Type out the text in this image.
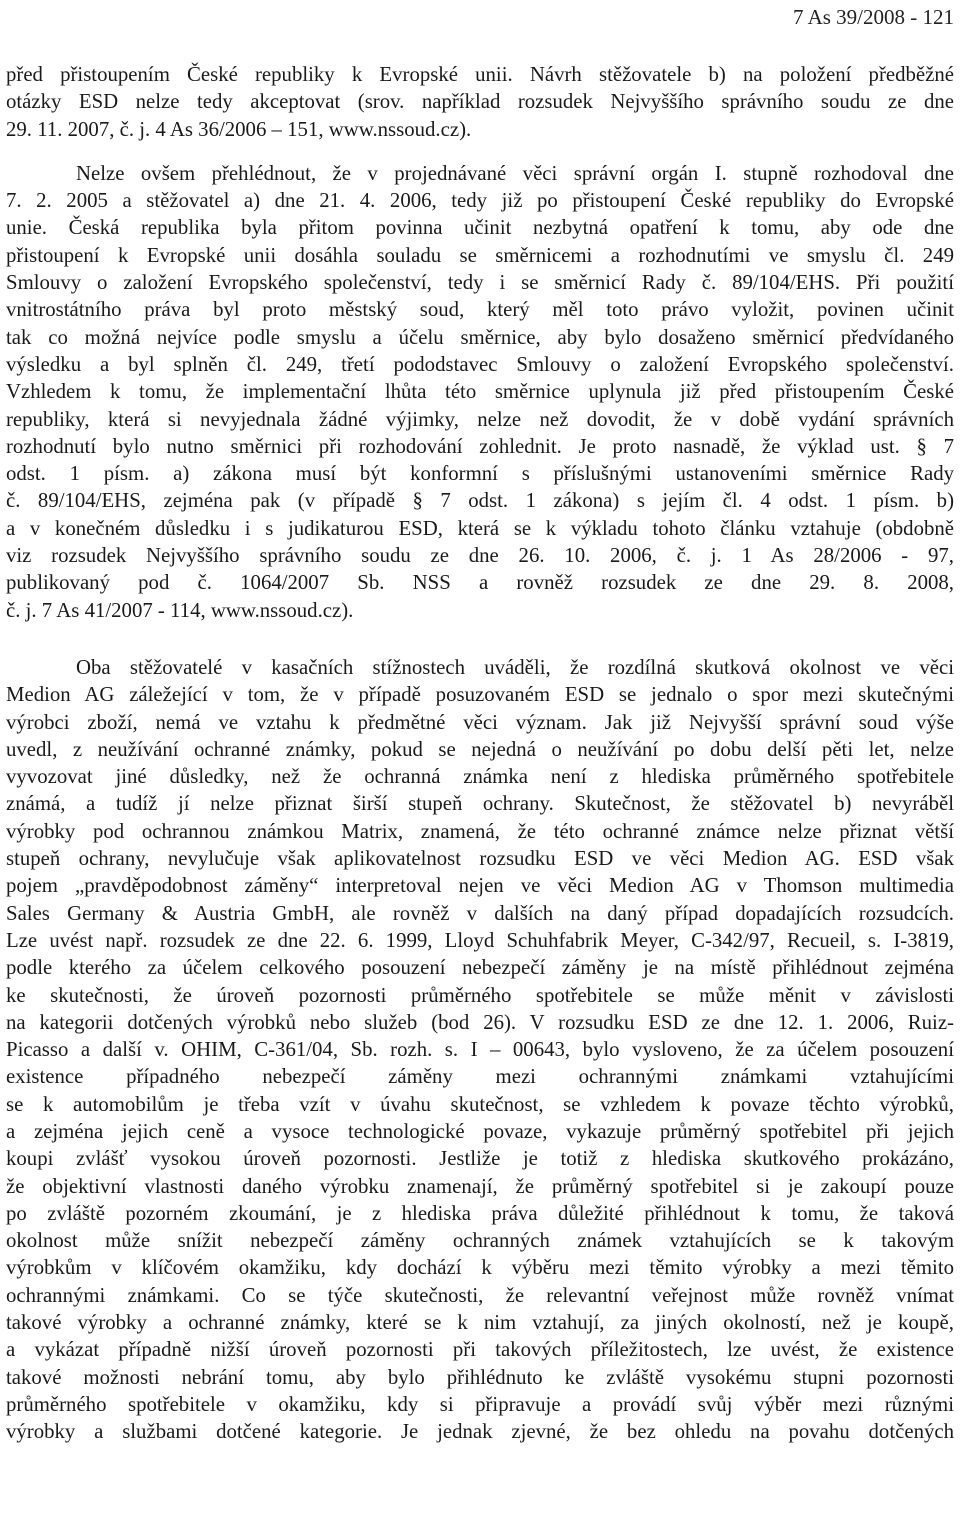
7 As 39/2008 - 121

před přistoupením České republiky k Evropské unii. Návrh stěžovatele b) na položení předběžné
otázky ESD nelze tedy akceptovat (srov. například rozsudek Nejvyššího správního soudu ze dne
29. 11. 2007, č. j. 4 As 36/2006 – 151, www.nssoud.cz).
Nelze ovšem přehlédnout, že v projednávané věci správní orgán I. stupně rozhodoval dne
7. 2. 2005 a stěžovatel a) dne 21. 4. 2006, tedy již po přistoupení České republiky do Evropské
unie. Česká republika byla přitom povinna učinit nezbytná opatření k tomu, aby ode dne
přistoupení k Evropské unii dosáhla souladu se směrnicemi a rozhodnutími ve smyslu čl. 249
Smlouvy o založení Evropského společenství, tedy i se směrnicí Rady č. 89/104/EHS. Při použití
vnitrostátního práva byl proto městský soud, který měl toto právo vyložit, povinen učinit
tak co možná nejvíce podle smyslu a účelu směrnice, aby bylo dosaženo směrnicí předvídaného
výsledku a byl splněn čl. 249, třetí pododstavec Smlouvy o založení Evropského společenství.
Vzhledem k tomu, že implementační lhůta této směrnice uplynula již před přistoupením České
republiky, která si nevyjednala žádné výjimky, nelze než dovodit, že v době vydání správních
rozhodnutí bylo nutno směrnici při rozhodování zohlednit. Je proto nasnadě, že výklad ust. § 7
odst. 1 písm. a) zákona musí být konformní s příslušnými ustanoveními směrnice Rady
č. 89/104/EHS, zejména pak (v případě § 7 odst. 1 zákona) s jejím čl. 4 odst. 1 písm. b)
a v konečném důsledku i s judikaturou ESD, která se k výkladu tohoto článku vztahuje (obdobně
viz rozsudek Nejvyššího správního soudu ze dne 26. 10. 2006, č. j. 1 As 28/2006 - 97,
publikovaný pod č. 1064/2007 Sb. NSS a rovněž rozsudek ze dne 29. 8. 2008,
č. j. 7 As 41/2007 - 114, www.nssoud.cz).
Oba stěžovatelé v kasačních stížnostech uváděli, že rozdílná skutková okolnost ve věci
Medion AG záležející v tom, že v případě posuzovaném ESD se jednalo o spor mezi skutečnými
výrobci zboží, nemá ve vztahu k předmětné věci význam. Jak již Nejvyšší správní soud výše
uvedl, z neužívání ochranné známky, pokud se nejedná o neužívání po dobu delší pěti let, nelze
vyvozovat jiné důsledky, než že ochranná známka není z hlediska průměrného spotřebitele
známá, a tudíž jí nelze přiznat širší stupeň ochrany. Skutečnost, že stěžovatel b) nevyráběl
výrobky pod ochrannou známkou Matrix, znamená, že této ochranné známce nelze přiznat větší
stupeň ochrany, nevylučuje však aplikovatelnost rozsudku ESD ve věci Medion AG. ESD však
pojem „pravděpodobnost záměny“ interpretoval nejen ve věci Medion AG v Thomson multimedia
Sales Germany & Austria GmbH, ale rovněž v dalších na daný případ dopadajících rozsudcích.
Lze uvést např. rozsudek ze dne 22. 6. 1999, Lloyd Schuhfabrik Meyer, C-342/97, Recueil, s. I-3819,
podle kterého za účelem celkového posouzení nebezpečí záměny je na místě přihlédnout zejména
ke skutečnosti, že úroveň pozornosti průměrného spotřebitele se může měnit v závislosti
na kategorii dotčených výrobků nebo služeb (bod 26). V rozsudku ESD ze dne 12. 1. 2006, Ruiz-
Picasso a další v. OHIM, C-361/04, Sb. rozh. s. I – 00643, bylo vysloveno, že za účelem posouzení
existence případného nebezpečí záměny mezi ochrannými známkami vztahujícími
se k automobilům je třeba vzít v úvahu skutečnost, se vzhledem k povaze těchto výrobků,
a zejména jejich ceně a vysoce technologické povaze, vykazuje průměrný spotřebitel při jejich
koupi zvlášť vysokou úroveň pozornosti. Jestliže je totiž z hlediska skutkového prokázáno,
že objektivní vlastnosti daného výrobku znamenají, že průměrný spotřebitel si je zakoupí pouze
po zvláště pozorném zkoumání, je z hlediska práva důležité přihlédnout k tomu, že taková
okolnost může snížit nebezpečí záměny ochranných známek vztahujících se k takovým
výrobkům v klíčovém okamžiku, kdy dochází k výběru mezi těmito výrobky a mezi těmito
ochrannými známkami. Co se týče skutečnosti, že relevantní veřejnost může rovněž vnímat
takové výrobky a ochranné známky, které se k nim vztahují, za jiných okolností, než je koupě,
a vykázat případně nižší úroveň pozornosti při takových příležitostech, lze uvést, že existence
takové možnosti nebrání tomu, aby bylo přihlédnuto ke zvláště vysokému stupni pozornosti
průměrného spotřebitele v okamžiku, kdy si připravuje a provádí svůj výběr mezi různými
výrobky a službami dotčené kategorie. Je jednak zjevné, že bez ohledu na povahu dotčených
